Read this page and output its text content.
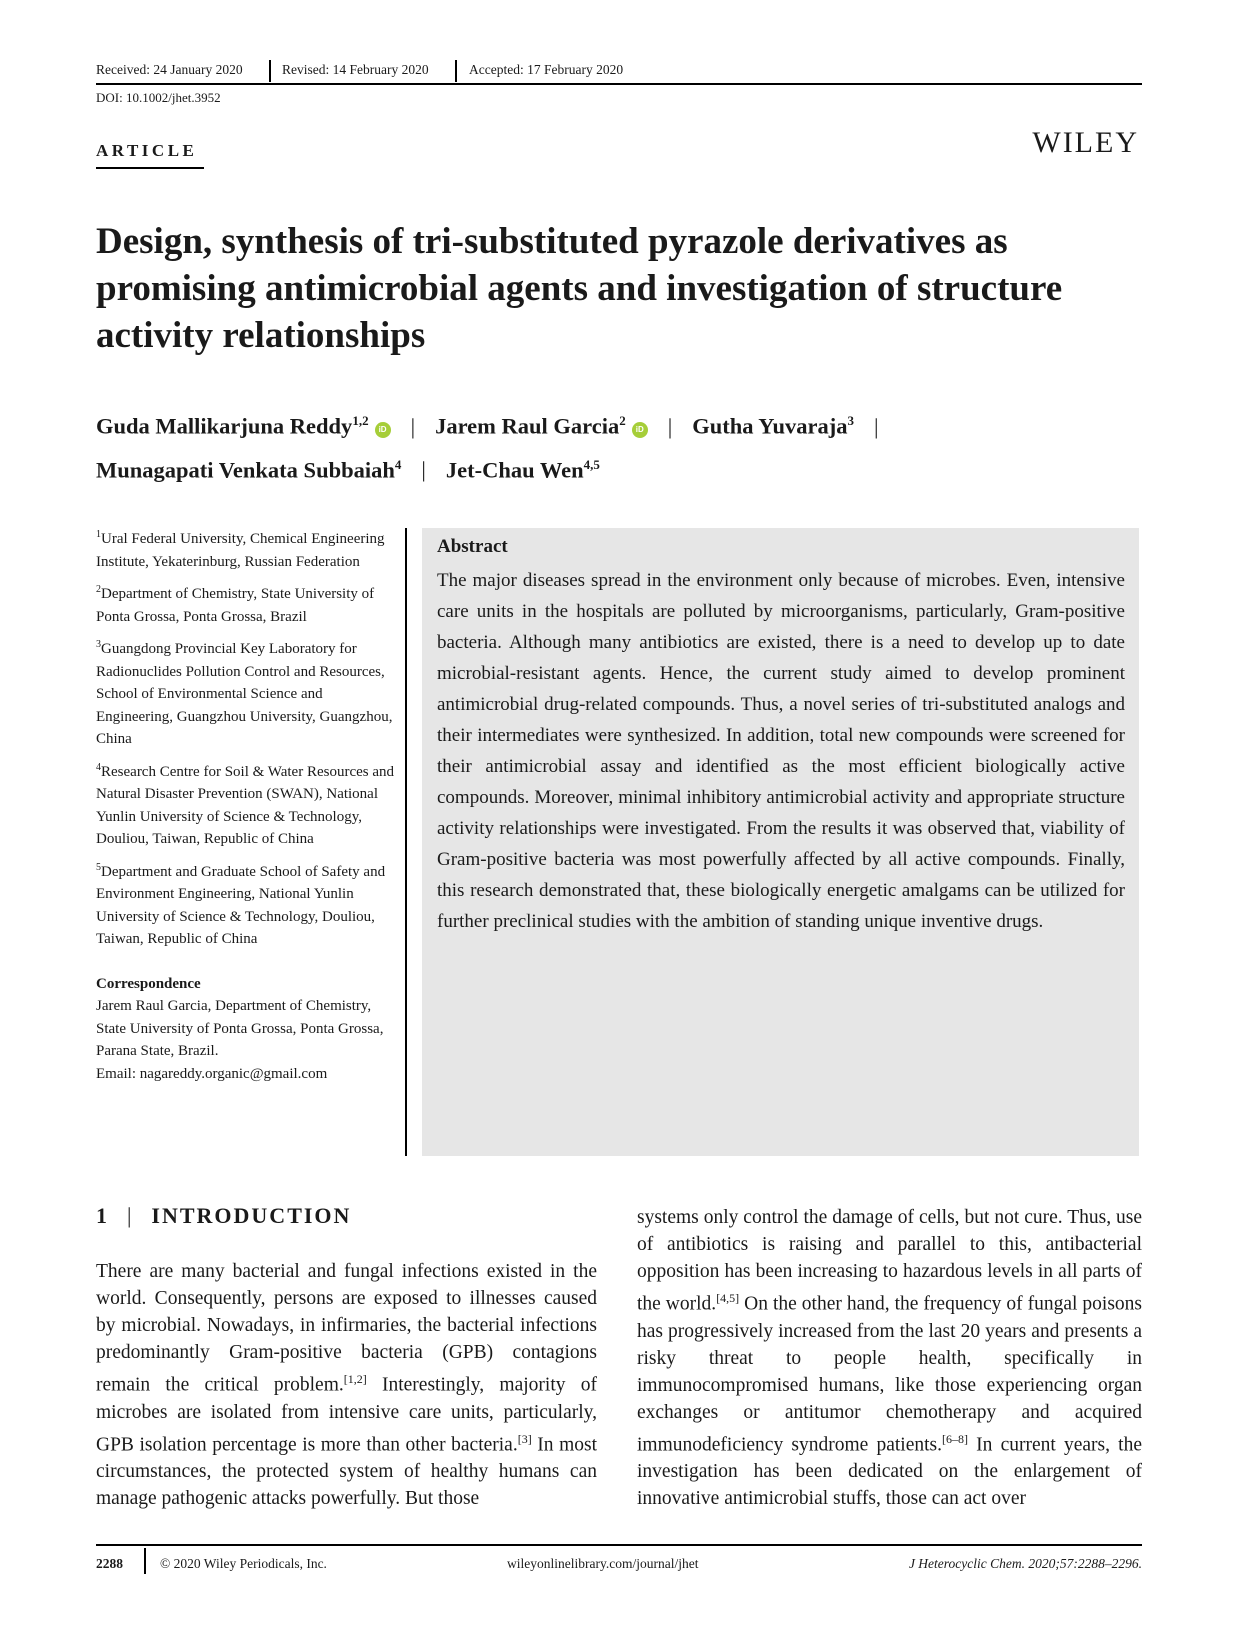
Received: 24 January 2020	Revised: 14 February 2020	Accepted: 17 February 2020
DOI: 10.1002/jhet.3952
ARTICLE	WILEY
Design, synthesis of tri-substituted pyrazole derivatives as promising antimicrobial agents and investigation of structure activity relationships
Guda Mallikarjuna Reddy$^{1,2}$iD | Jarem Raul Garcia$^2$iD | Gutha Yuvaraja$^3$ |
Munagapati Venkata Subbaiah$^4$ | Jet-Chau Wen$^{4,5}$

$^1$Ural Federal University, Chemical Engineering Institute, Yekaterinburg, Russian Federation

$^2$Department of Chemistry, State University of Ponta Grossa, Ponta Grossa, Brazil

$^3$Guangdong Provincial Key Laboratory for Radionuclides Pollution Control and Resources, School of Environmental Science and Engineering, Guangzhou University, Guangzhou, China

$^4$Research Centre for Soil & Water Resources and Natural Disaster Prevention (SWAN), National Yunlin University of Science & Technology, Douliou, Taiwan, Republic of China

$^5$Department and Graduate School of Safety and Environment Engineering, National Yunlin University of Science & Technology, Douliou, Taiwan, Republic of China

Correspondence

Jarem Raul Garcia, Department of Chemistry, State University of Ponta Grossa, Ponta Grossa, Parana State, Brazil.
Email: nagareddy.organic@gmail.com

Abstract
The major diseases spread in the environment only because of microbes. Even, intensive care units in the hospitals are polluted by microorganisms, particularly, Gram-positive bacteria. Although many antibiotics are existed, there is a need to develop up to date microbial-resistant agents. Hence, the current study aimed to develop prominent antimicrobial drug-related compounds. Thus, a novel series of tri-substituted analogs and their intermediates were synthesized. In addition, total new compounds were screened for their antimicrobial assay and identified as the most efficient biologically active compounds. Moreover, minimal inhibitory antimicrobial activity and appropriate structure activity relationships were investigated. From the results it was observed that, viability of Gram-positive bacteria was most powerfully affected by all active compounds. Finally, this research demonstrated that, these biologically energetic amalgams can be utilized for further preclinical studies with the ambition of standing unique inventive drugs.
1 | INTRODUCTION
There are many bacterial and fungal infections existed in the world. Consequently, persons are exposed to illnesses caused by microbial. Nowadays, in infirmaries, the bacterial infections predominantly Gram-positive bacteria (GPB) contagions remain the critical problem.[1,2] Interestingly, majority of microbes are isolated from intensive care units, particularly, GPB isolation percentage is more than other bacteria.[3] In most circumstances, the protected system of healthy humans can manage pathogenic attacks powerfully. But those
systems only control the damage of cells, but not cure. Thus, use of antibiotics is raising and parallel to this, antibacterial opposition has been increasing to hazardous levels in all parts of the world.[4,5] On the other hand, the frequency of fungal poisons has progressively increased from the last 20 years and presents a risky threat to people health, specifically in immunocompromised humans, like those experiencing organ exchanges or antitumor chemotherapy and acquired immunodeficiency syndrome patients.[6–8] In current years, the investigation has been dedicated on the enlargement of innovative antimicrobial stuffs, those can act over
2288	© 2020 Wiley Periodicals, Inc.	wileyonlinelibrary.com/journal/jhet	J Heterocyclic Chem. 2020;57:2288–2296.
